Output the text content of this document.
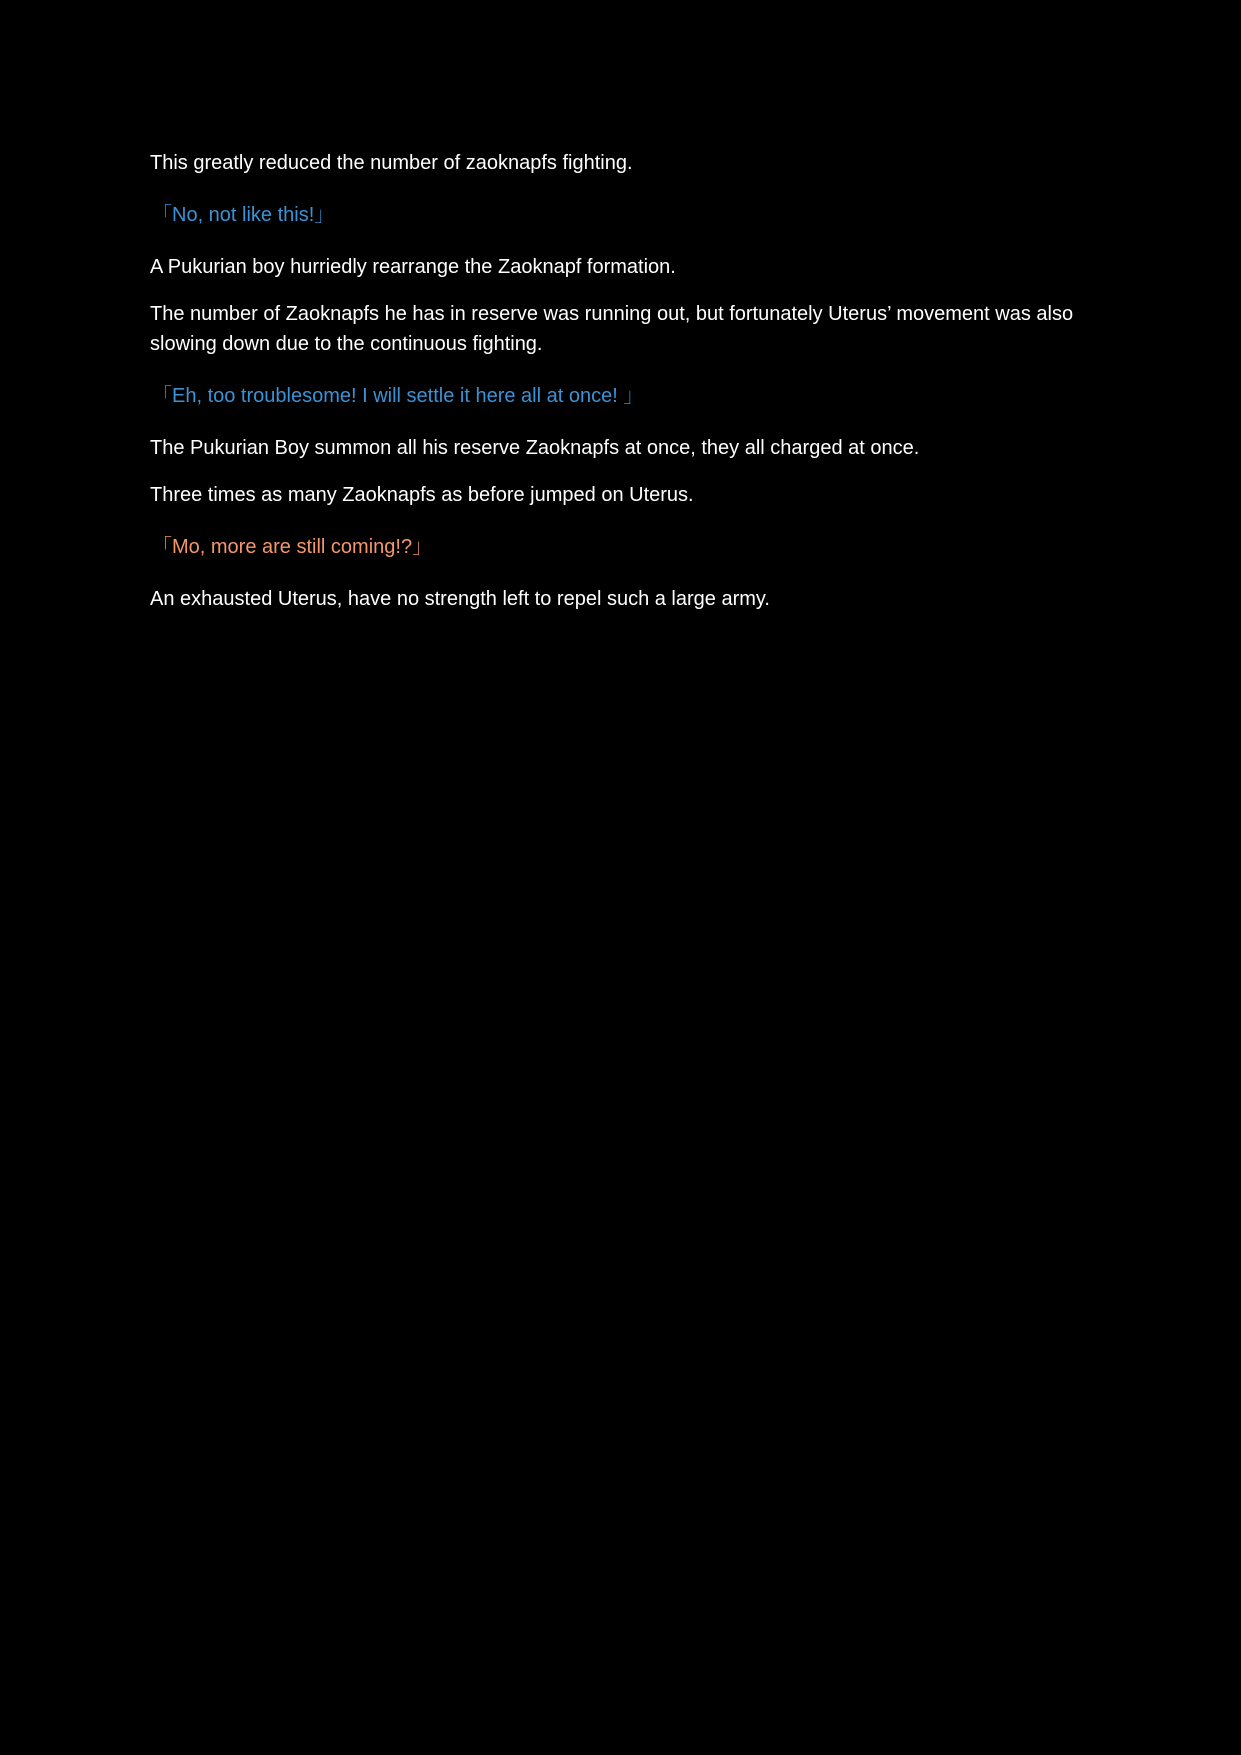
This greatly reduced the number of zaoknapfs fighting.

「No, not like this!」

A Pukurian boy hurriedly rearrange the Zaoknapf formation.

The number of Zaoknapfs he has in reserve was running out, but fortunately Uterus’ movement was also slowing down due to the continuous fighting.

「Eh, too troublesome! I will settle it here all at once! 」

The Pukurian Boy summon all his reserve Zaoknapfs at once, they all charged at once.

Three times as many Zaoknapfs as before jumped on Uterus.

「Mo, more are still coming!?」

An exhausted Uterus, have no strength left to repel such a large army.
